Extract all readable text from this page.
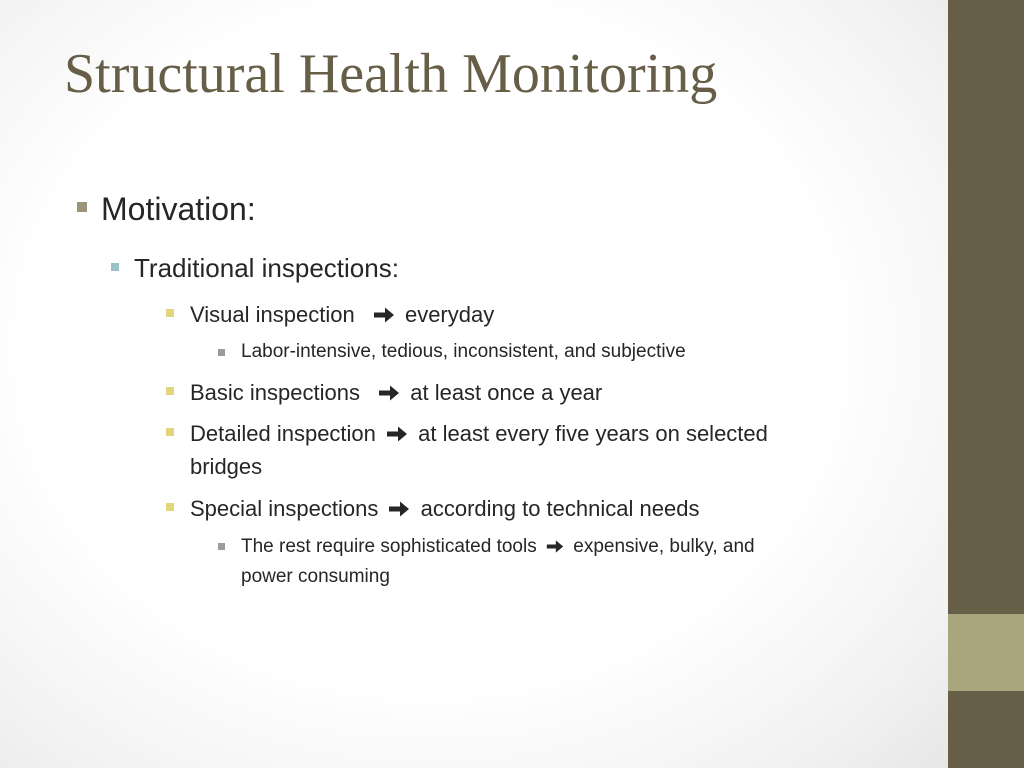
Structural Health Monitoring
Motivation:
Traditional inspections:
Visual inspection everyday
Labor-intensive, tedious, inconsistent, and subjective
Basic inspections at least once a year
Detailed inspection at least every five years on selected
bridges
Special inspections according to technical needs
The rest require sophisticated tools expensive, bulky, and
power consuming
